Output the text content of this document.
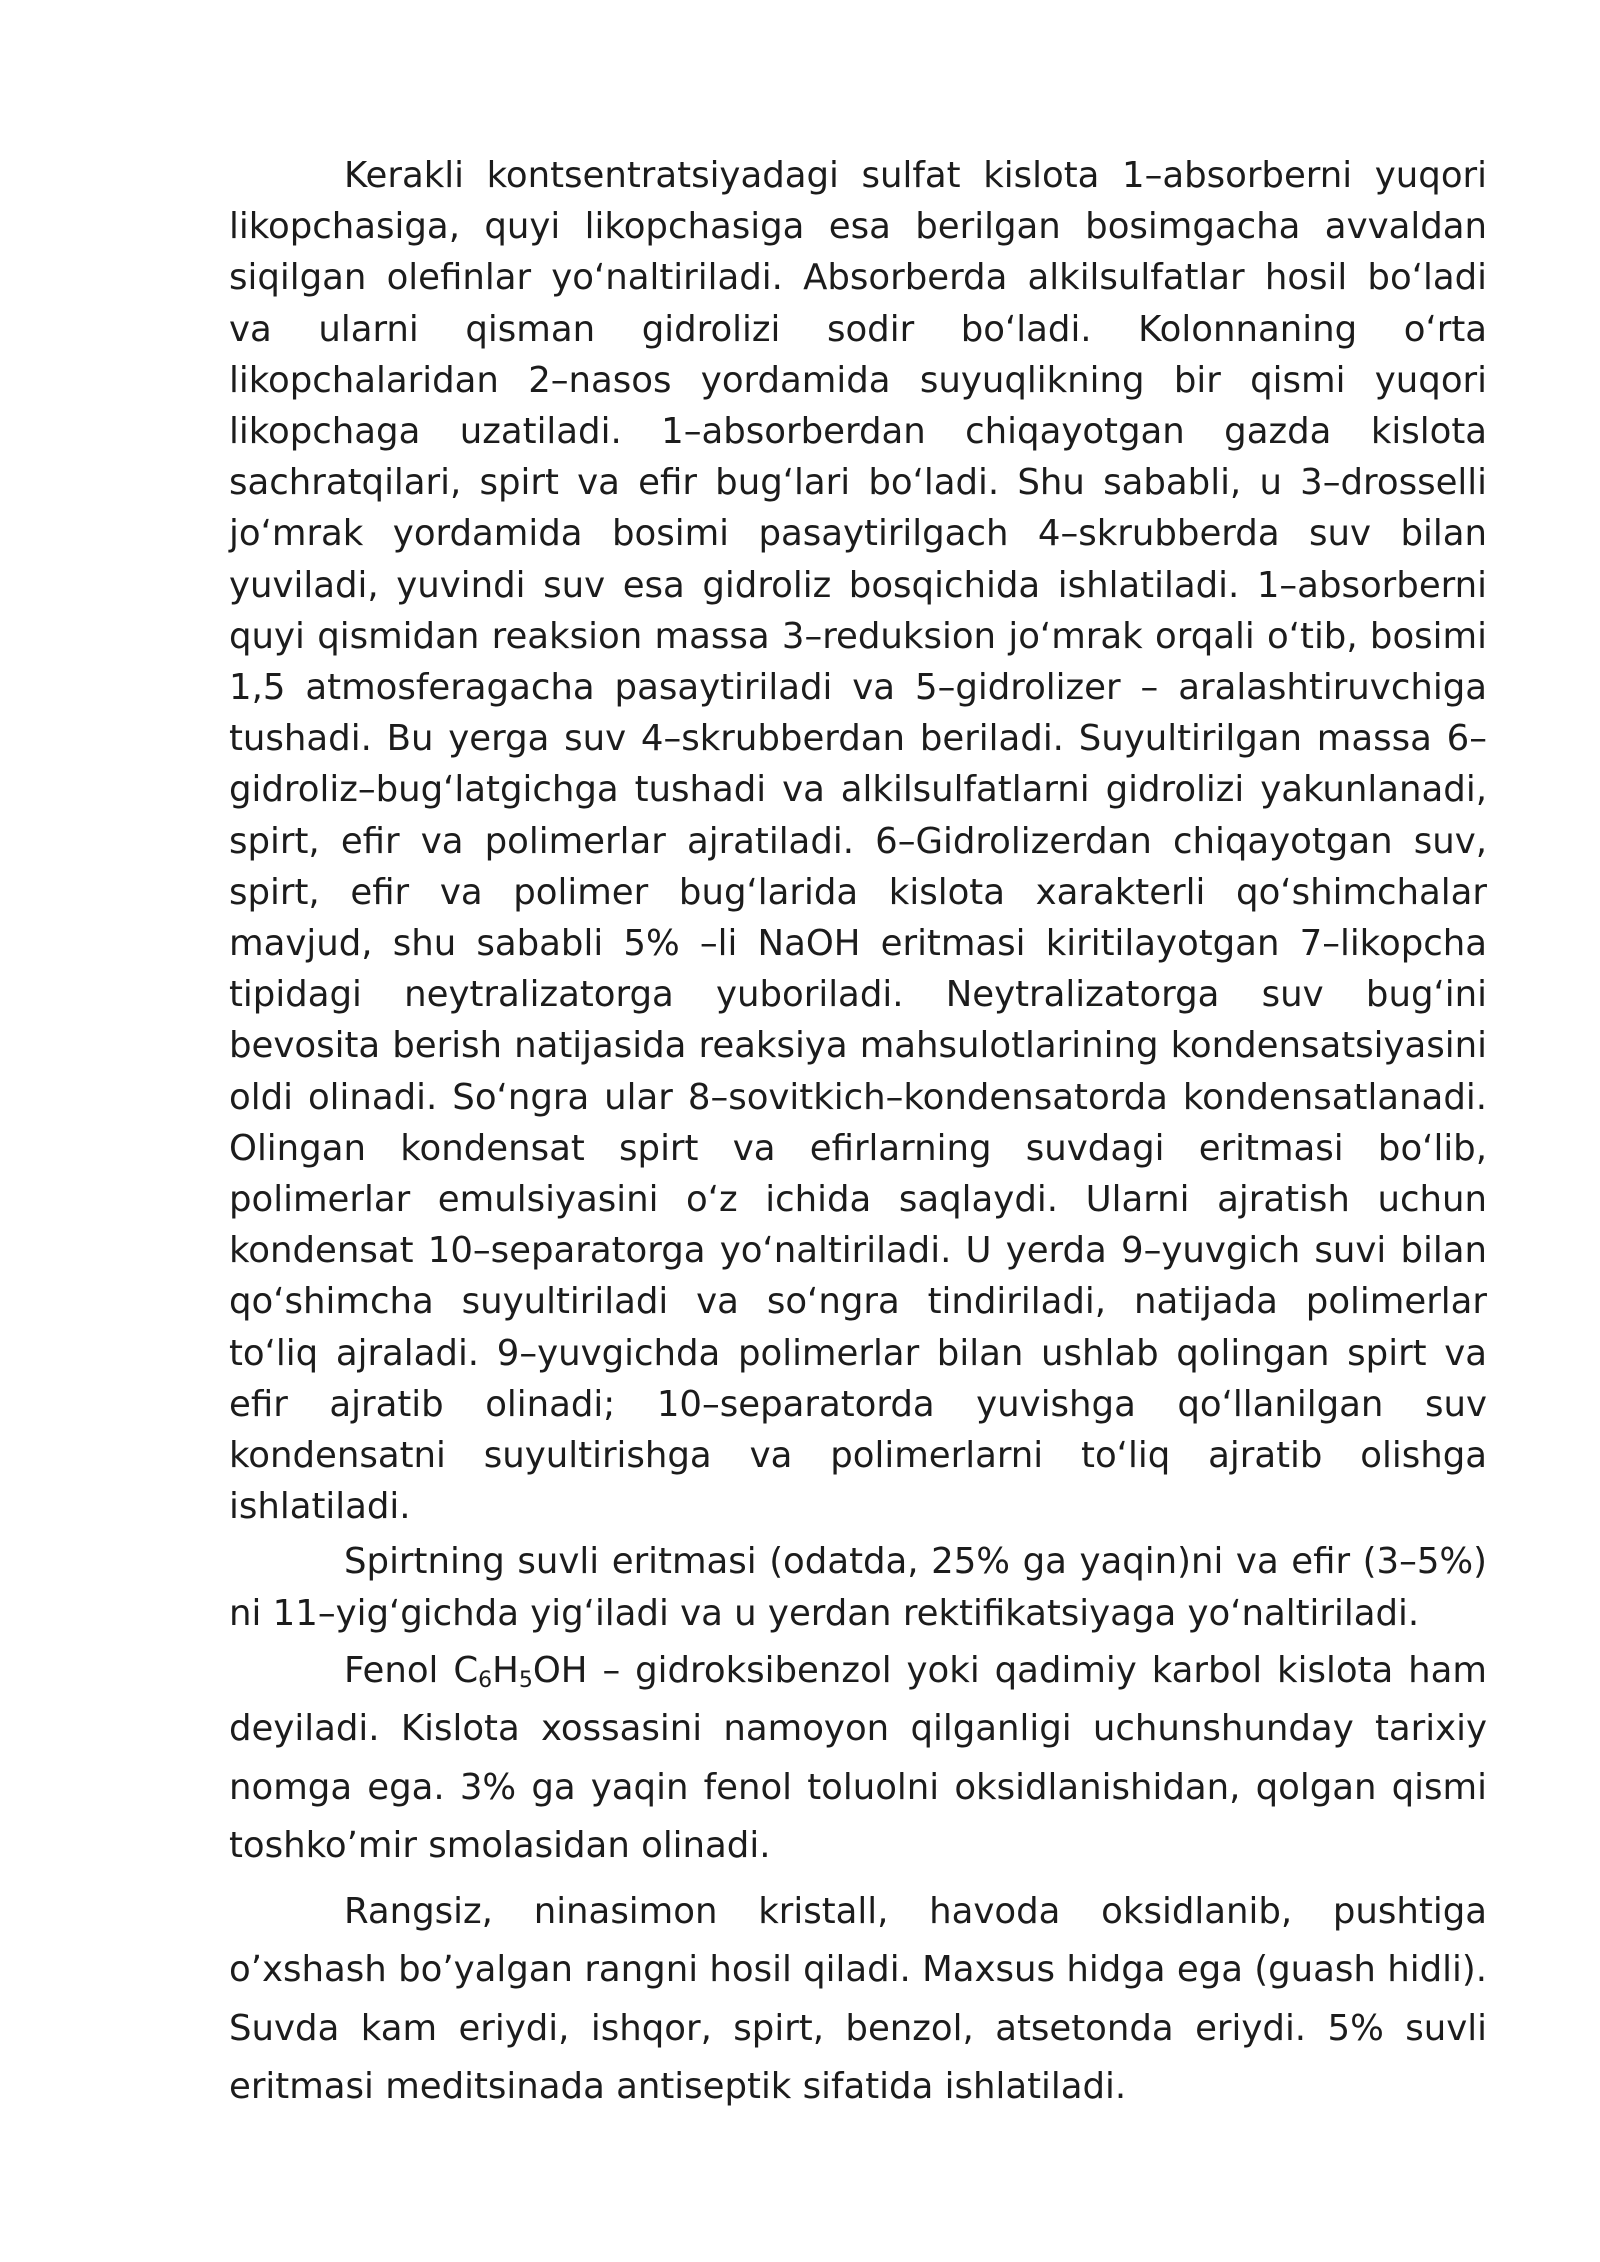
Kerakli kontsentratsiyadagi sulfat kislota 1–absorberni yuqori likopchasiga, quyi likopchasiga esa berilgan bosimgacha avvaldan siqilgan olefinlar yoʻnaltiriladi. Absorberda alkilsulfatlar hosil boʻladi va ularni qisman gidrolizi sodir boʻladi. Kolonnaning oʻrta likopchalaridan 2–nasos yordamida suyuqlikning bir qismi yuqori likopchaga uzatiladi. 1–absorberdan chiqayotgan gazda kislota sachratqilari, spirt va efir bugʻlari boʻladi. Shu sababli, u 3–drosselli joʻmrak yordamida bosimi pasaytirilgach 4–skrubberda suv bilan yuviladi, yuvindi suv esa gidroliz bosqichida ishlatiladi. 1–absorberni quyi qismidan reaksion massa 3–reduksion joʻmrak orqali oʻtib, bosimi 1,5 atmosferagacha pasaytiriladi va 5–gidrolizer – aralashtiruvchiga tushadi. Bu yerga suv 4–skrubberdan beriladi. Suyultirilgan massa 6–gidroliz–bugʻlatgichga tushadi va alkilsulfatlarni gidrolizi yakunlanadi, spirt, efir va polimerlar ajratiladi. 6–Gidrolizerdan chiqayotgan suv, spirt, efir va polimer bugʻlarida kislota xarakterli qoʻshimchalar mavjud, shu sababli 5% –li NaOH eritmasi kiritilayotgan 7–likopcha tipidagi neytralizatorga yuboriladi. Neytralizatorga suv bugʻini bevosita berish natijasida reaksiya mahsulotlarining kondensatsiyasini oldi olinadi. Soʻngra ular 8–sovitkich–kondensatorda kondensatlanadi. Olingan kondensat spirt va efirlarning suvdagi eritmasi boʻlib, polimerlar emulsiyasini oʻz ichida saqlaydi. Ularni ajratish uchun kondensat 10–separatorga yoʻnaltiriladi. U yerda 9–yuvgich suvi bilan qoʻshimcha suyultiriladi va soʻngra tindiriladi, natijada polimerlar toʻliq ajraladi. 9–yuvgichda polimerlar bilan ushlab qolingan spirt va efir ajratib olinadi; 10–separatorda yuvishga qoʻllanilgan suv kondensatni suyultirishga va polimerlarni toʻliq ajratib olishga ishlatiladi.

Spirtning suvli eritmasi (odatda, 25% ga yaqin)ni va efir (3–5%) ni 11–yigʻgichda yigʻiladi va u yerdan rektifikatsiyaga yoʻnaltiriladi.

Fenol $C_6H_5OH$ – gidroksibenzol yoki qadimiy karbol kislota ham deyiladi. Kislota xossasini namoyon qilganligi uchunshunday tarixiy nomga ega. 3% ga yaqin fenol toluolni oksidlanishidan, qolgan qismi toshkoʼmir smolasidan olinadi.

Rangsiz, ninasimon kristall, havoda oksidlanib, pushtiga oʼxshash boʼyalgan rangni hosil qiladi. Maxsus hidga ega (guash hidli). Suvda kam eriydi, ishqor, spirt, benzol, atsetonda eriydi. 5% suvli eritmasi meditsinada antiseptik sifatida ishlatiladi.
